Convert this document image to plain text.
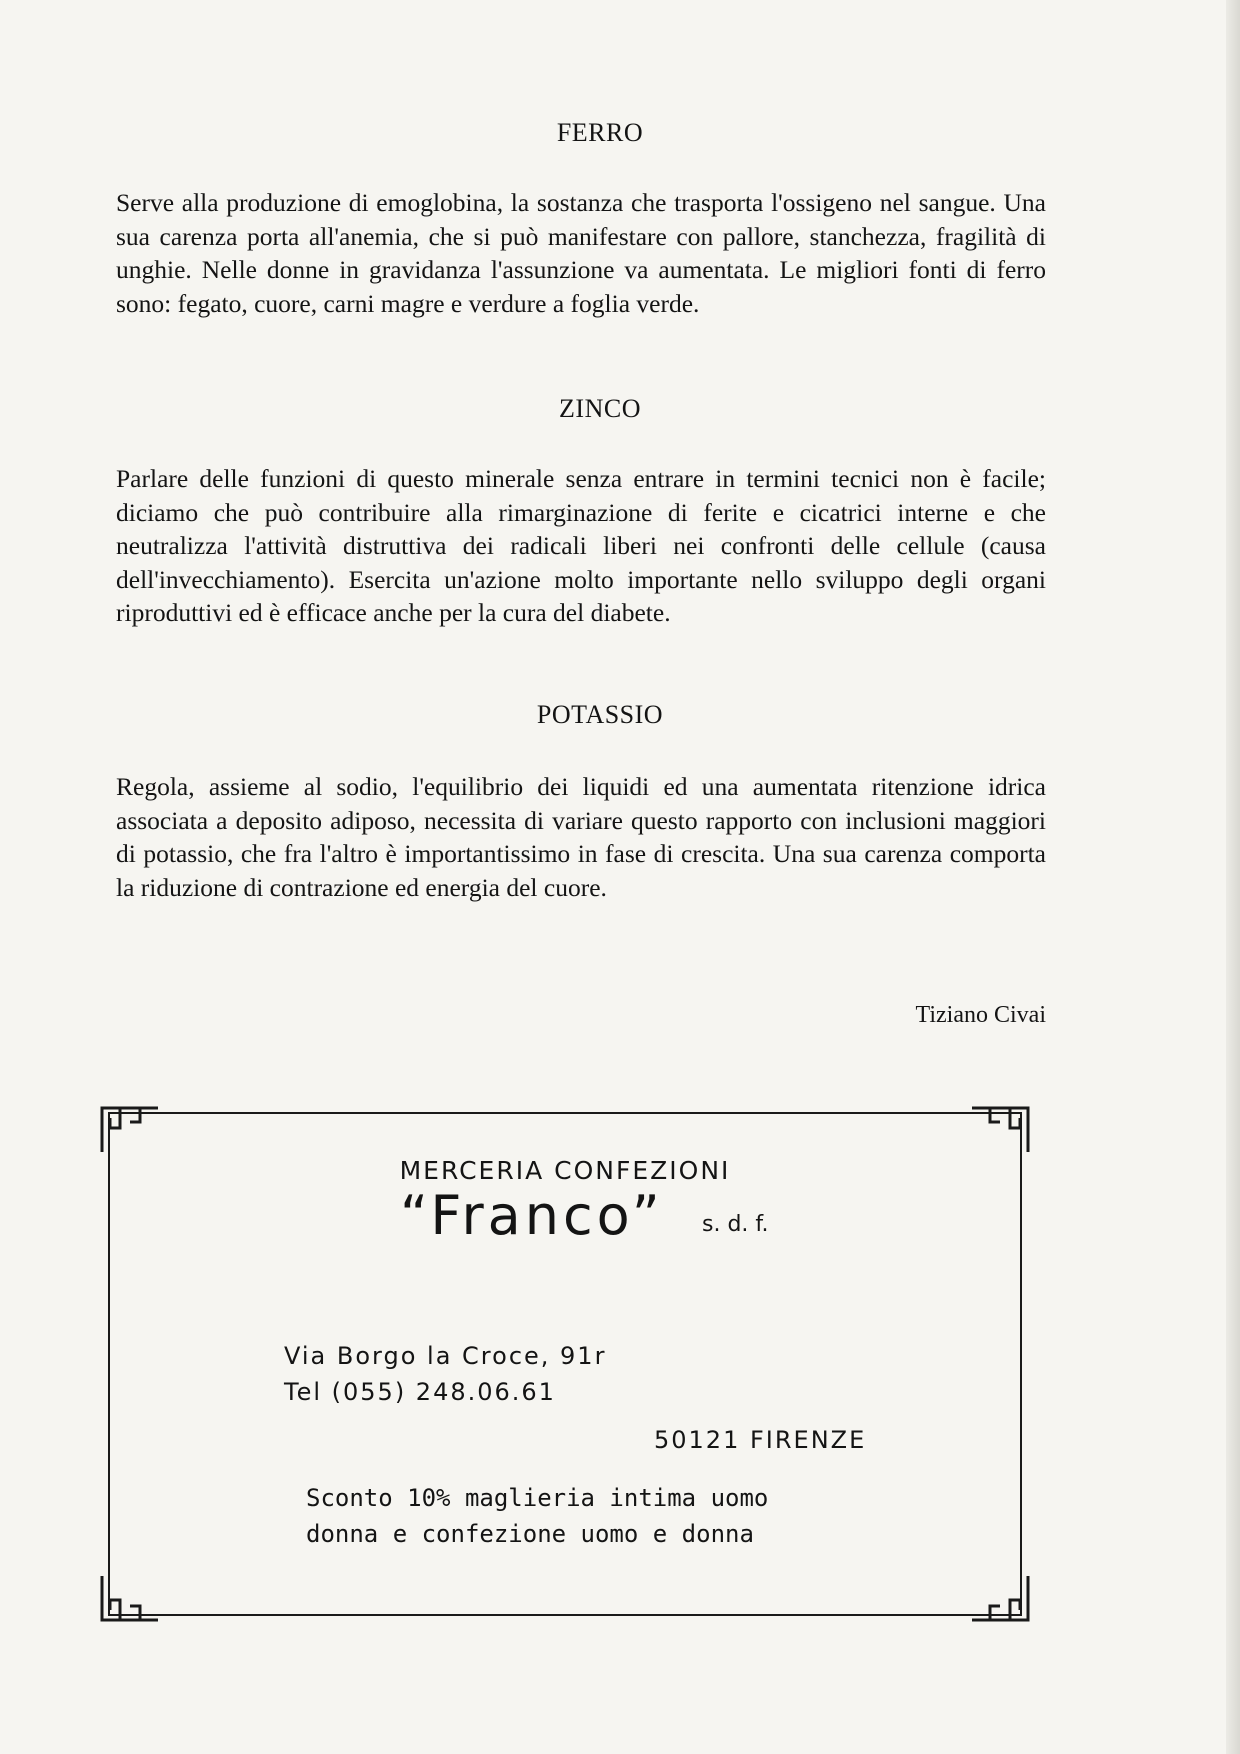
FERRO

Serve alla produzione di emoglobina, la sostanza che trasporta l'ossigeno nel sangue. Una sua carenza porta all'anemia, che si può manifestare con pallore, stanchezza, fragilità di unghie. Nelle donne in gravidanza l'assunzione va aumentata. Le migliori fonti di ferro sono: fegato, cuore, carni magre e verdure a foglia verde.

ZINCO

Parlare delle funzioni di questo minerale senza entrare in termini tecnici non è facile; diciamo che può contribuire alla rimarginazione di ferite e cicatrici interne e che neutralizza l'attività distruttiva dei radicali liberi nei confronti delle cellule (causa dell'invecchiamento). Esercita un'azione molto importante nello sviluppo degli organi riproduttivi ed è efficace anche per la cura del diabete.

POTASSIO

Regola, assieme al sodio, l'equilibrio dei liquidi ed una aumentata ritenzione idrica associata a deposito adiposo, necessita di variare questo rapporto con inclusioni maggiori di potassio, che fra l'altro è importantissimo in fase di crescita. Una sua carenza comporta la riduzione di contrazione ed energia del cuore.

Tiziano Civai
MERCERIA CONFEZIONI
“Franco” s. d. f.
Via Borgo la Croce, 91r
Tel (055) 248.06.61
50121 FIRENZE
Sconto 10% maglieria intima uomo
donna e confezione uomo e donna
